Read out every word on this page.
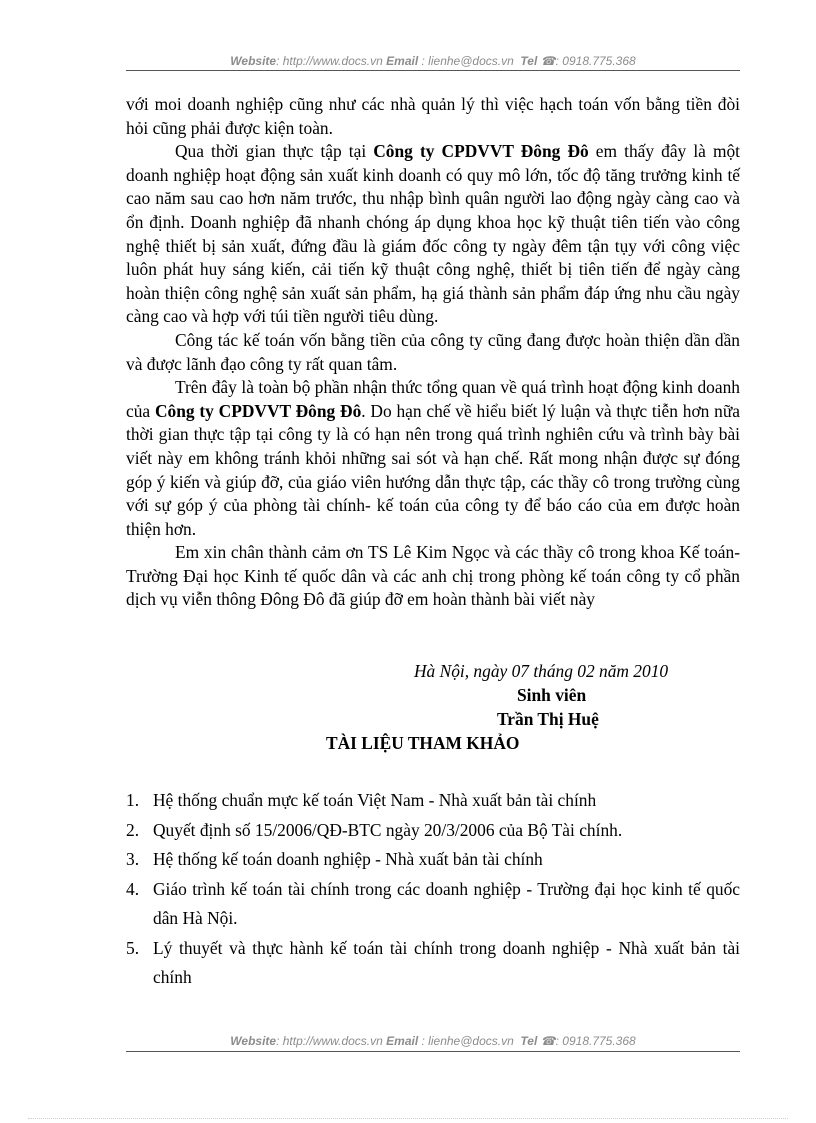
Website: http://www.docs.vn Email : lienhe@docs.vn Tel ☎: 0918.775.368

với moi doanh nghiệp cũng như các nhà quản lý thì việc hạch toán vốn bằng tiền đòi hỏi cũng phải được kiện toàn.

Qua thời gian thực tập tại Công ty CPDVVT Đông Đô em thấy đây là một doanh nghiệp hoạt động sản xuất kinh doanh có quy mô lớn, tốc độ tăng trưởng kinh tế cao năm sau cao hơn năm trước, thu nhập bình quân người lao động ngày càng cao và ổn định. Doanh nghiệp đã nhanh chóng áp dụng khoa học kỹ thuật tiên tiến vào công nghệ thiết bị sản xuất, đứng đầu là giám đốc công ty ngày đêm tận tụy với công việc luôn phát huy sáng kiến, cải tiến kỹ thuật công nghệ, thiết bị tiên tiến để ngày càng hoàn thiện công nghệ sản xuất sản phẩm, hạ giá thành sản phẩm đáp ứng nhu cầu ngày càng cao và hợp với túi tiền người tiêu dùng.

Công tác kế toán vốn bằng tiền của công ty cũng đang được hoàn thiện dần dần và được lãnh đạo công ty rất quan tâm.

Trên đây là toàn bộ phần nhận thức tổng quan về quá trình hoạt động kinh doanh của Công ty CPDVVT Đông Đô. Do hạn chế về hiểu biết lý luận và thực tiễn hơn nữa thời gian thực tập tại công ty là có hạn nên trong quá trình nghiên cứu và trình bày bài viết này em không tránh khỏi những sai sót và hạn chế. Rất mong nhận được sự đóng góp ý kiến và giúp đỡ, của giáo viên hướng dẫn thực tập, các thầy cô trong trường cùng với sự góp ý của phòng tài chính- kế toán của công ty để báo cáo của em được hoàn thiện hơn.

Em xin chân thành cảm ơn TS Lê Kim Ngọc và các thầy cô trong khoa Kế toán- Trường Đại học Kinh tế quốc dân và các anh chị trong phòng kế toán công ty cổ phần dịch vụ viễn thông Đông Đô đã giúp đỡ em hoàn thành bài viết này

Hà Nội, ngày 07 tháng 02 năm 2010
Sinh viên
Trần Thị Huệ
TÀI LIỆU THAM KHẢO
1. Hệ thống chuẩn mực kế toán Việt Nam - Nhà xuất bản tài chính
2. Quyết định số 15/2006/QĐ-BTC ngày 20/3/2006 của Bộ Tài chính.
3. Hệ thống kế toán doanh nghiệp - Nhà xuất bản tài chính
4. Giáo trình kế toán tài chính trong các doanh nghiệp - Trường đại học kinh tế quốc dân Hà Nội.
5. Lý thuyết và thực hành kế toán tài chính trong doanh nghiệp - Nhà xuất bản tài chính
Website: http://www.docs.vn Email : lienhe@docs.vn Tel ☎: 0918.775.368
